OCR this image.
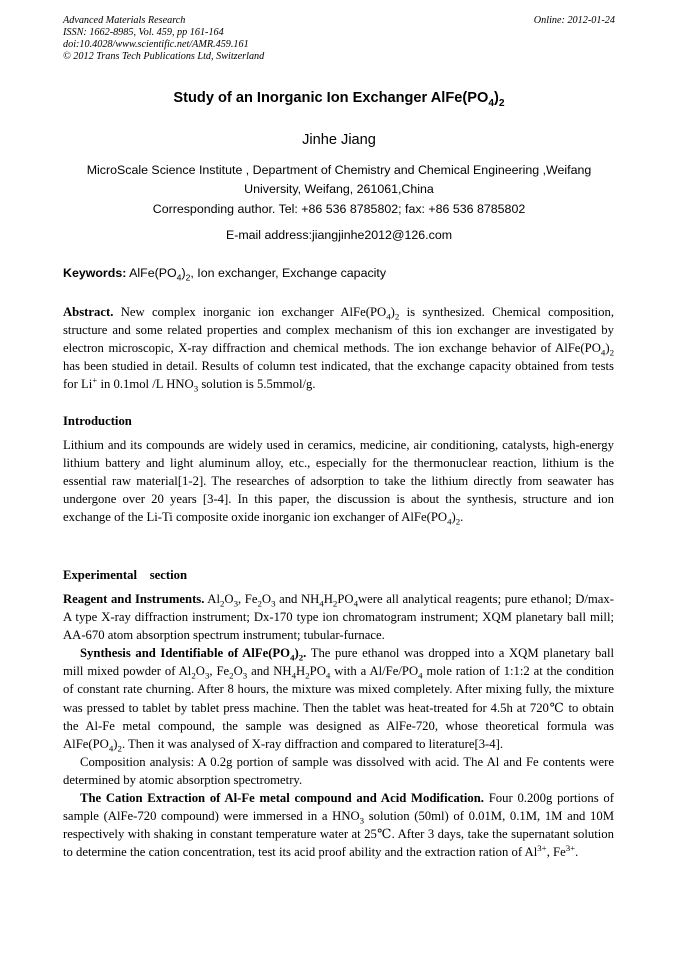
Advanced Materials Research
ISSN: 1662-8985, Vol. 459, pp 161-164
doi:10.4028/www.scientific.net/AMR.459.161
© 2012 Trans Tech Publications Ltd, Switzerland
Online: 2012-01-24
Study of an Inorganic Ion Exchanger $AlFe(PO_4)_2$
Jinhe Jiang
MicroScale Science Institute , Department of Chemistry and Chemical Engineering ,Weifang University, Weifang, 261061,China
Corresponding author. Tel: +86 536 8785802; fax: +86 536 8785802
E-mail address:jiangjinhe2012@126.com
Keywords: $AlFe(PO_4)_2$, Ion exchanger, Exchange capacity

Abstract. New complex inorganic ion exchanger $AlFe(PO_4)_2$ is synthesized. Chemical composition, structure and some related properties and complex mechanism of this ion exchanger are investigated by electron microscopic, X-ray diffraction and chemical methods. The ion exchange behavior of $AlFe(PO_4)_2$ has been studied in detail. Results of column test indicated, that the exchange capacity obtained from tests for Li+ in 0.1mol /L $HNO_3$ solution is 5.5mmol/g.

Introduction

Lithium and its compounds are widely used in ceramics, medicine, air conditioning, catalysts, high-energy lithium battery and light aluminum alloy, etc., especially for the thermonuclear reaction, lithium is the essential raw material[1-2]. The researches of adsorption to take the lithium directly from seawater has undergone over 20 years [3-4]. In this paper, the discussion is about the synthesis, structure and ion exchange of the Li-Ti composite oxide inorganic ion exchanger of $AlFe(PO_4)_2$.

Experimental    section

Reagent and Instruments. $Al_2O_3$, $Fe_2O_3$ and $NH_4H_2PO_4were$ all analytical reagents; pure ethanol; D/max-A type X-ray diffraction instrument; Dx-170 type ion chromatogram instrument; XQM planetary ball mill; AA-670 atom absorption spectrum instrument; tubular-furnace.

Synthesis and Identifiable of $AlFe(PO_4)_2$. The pure ethanol was dropped into a XQM planetary ball mill mixed powder of $Al_2O_3$, $Fe_2O_3$ and $NH_4H_2PO_4$ with a $Al/Fe/PO_4$ mole ration of 1:1:2 at the condition of constant rate churning. After 8 hours, the mixture was mixed completely. After mixing fully, the mixture was pressed to tablet by tablet press machine. Then the tablet was heat-treated for 4.5h at 720℃ to obtain the Al-Fe metal compound, the sample was designed as AlFe-720, whose theoretical formula was $AlFe(PO_4)_2$. Then it was analysed of X-ray diffraction and compared to literature[3-4].

Composition analysis: A 0.2g portion of sample was dissolved with acid. The Al and Fe contents were determined by atomic absorption spectrometry.

The Cation Extraction of Al-Fe metal compound and Acid Modification. Four 0.200g portions of sample (AlFe-720 compound) were immersed in a $HNO_3$ solution (50ml) of 0.01M, 0.1M, 1M and 10M respectively with shaking in constant temperature water at 25℃. After 3 days, take the supernatant solution to determine the cation concentration, test its acid proof ability and the extraction ration of $Al^{3+}$, $Fe^{3+}$.
